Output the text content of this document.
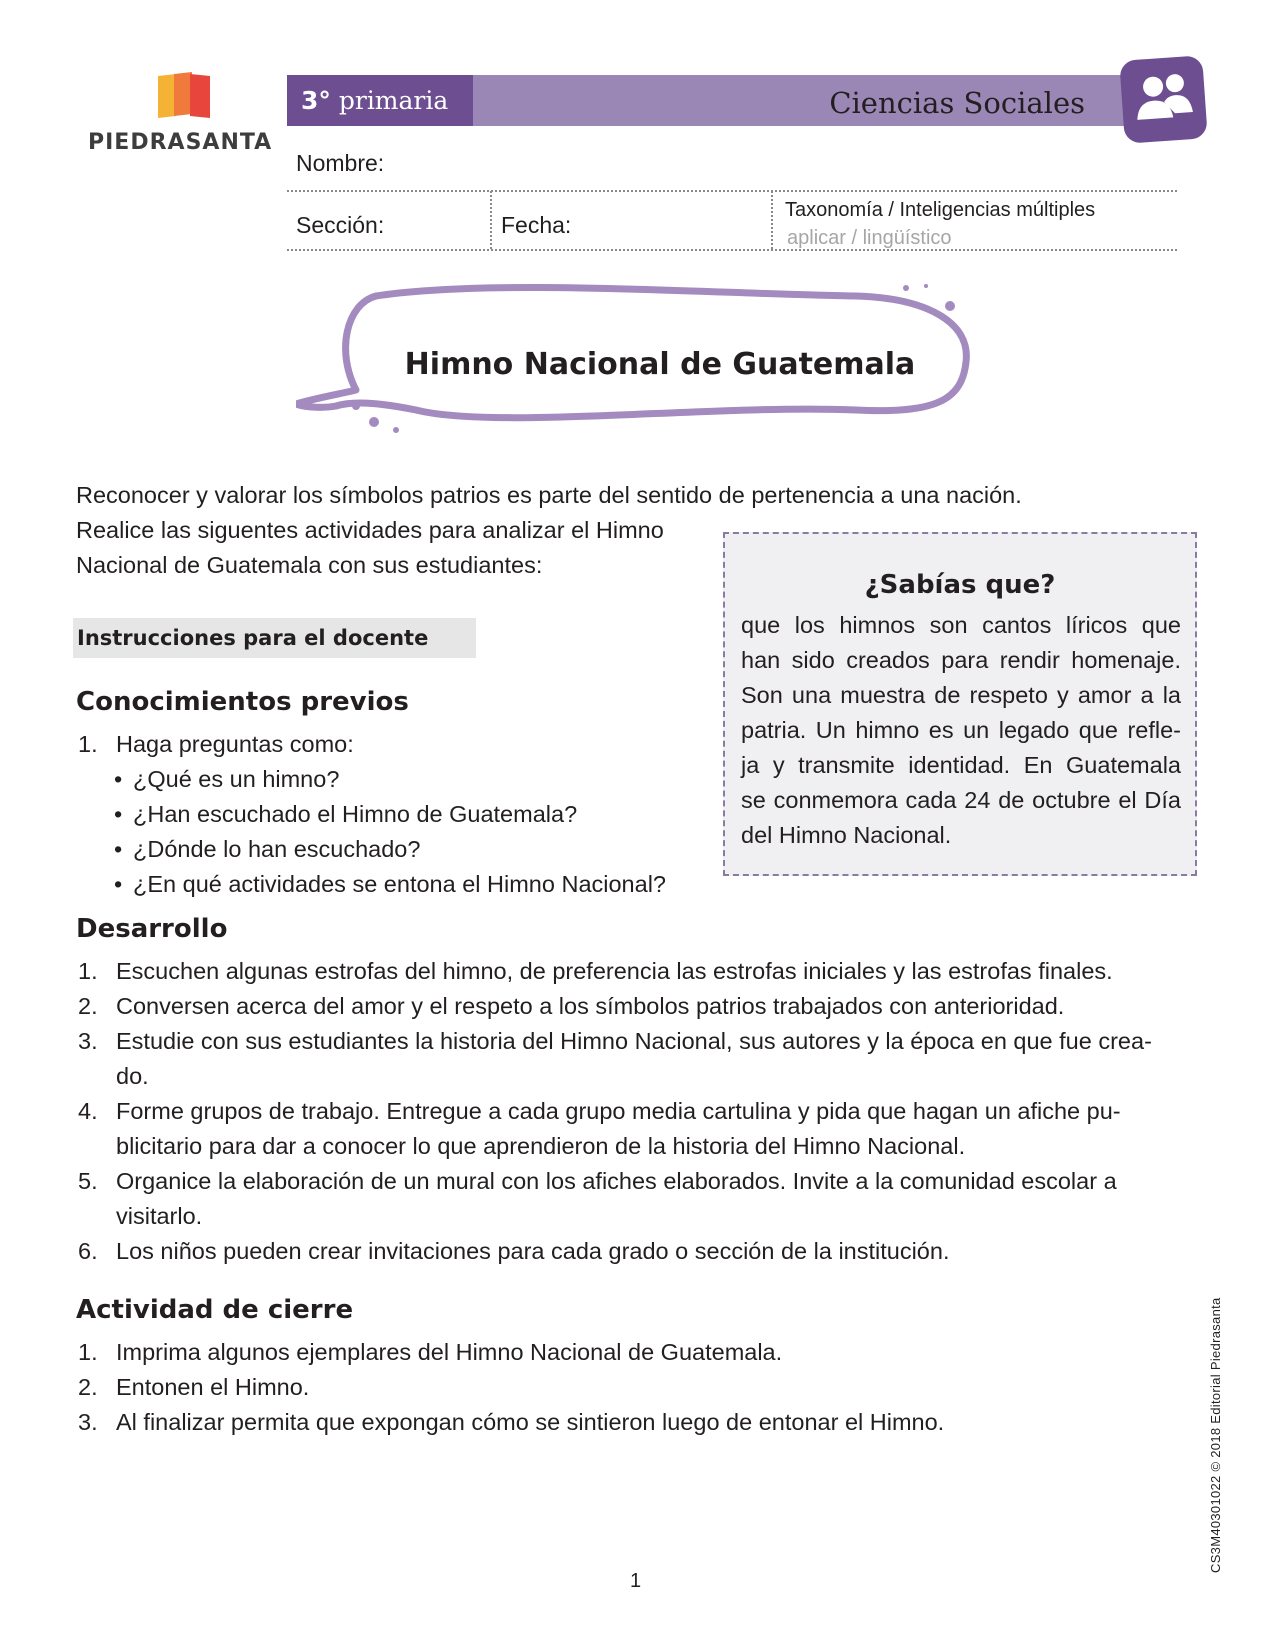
PIEDRASANTA
3° primaria	Ciencias Sociales
Nombre:
Sección:	Fecha:
Taxonomía / Inteligencias múltiples
aplicar / lingüístico
Himno Nacional de Guatemala
Reconocer y valorar los símbolos patrios es parte del sentido de pertenencia a una nación.
Realice las siguentes actividades para analizar el Himno
Nacional de Guatemala con sus estudiantes:
Instrucciones para el docente
¿Sabías que?
que los himnos son cantos líricos que
han sido creados para rendir homenaje.
Son una muestra de respeto y amor a la
patria. Un himno es un legado que refle-
ja y transmite identidad. En Guatemala
se conmemora cada 24 de octubre el Día
del Himno Nacional.
Conocimientos previos
1. Haga preguntas como:
• ¿Qué es un himno?
• ¿Han escuchado el Himno de Guatemala?
• ¿Dónde lo han escuchado?
• ¿En qué actividades se entona el Himno Nacional?
Desarrollo
1. Escuchen algunas estrofas del himno, de preferencia las estrofas iniciales y las estrofas finales.
2. Conversen acerca del amor y el respeto a los símbolos patrios trabajados con anterioridad.
3. Estudie con sus estudiantes la historia del Himno Nacional, sus autores y la época en que fue crea-
do.
4. Forme grupos de trabajo. Entregue a cada grupo media cartulina y pida que hagan un afiche pu-
blicitario para dar a conocer lo que aprendieron de la historia del Himno Nacional.
5. Organice la elaboración de un mural con los afiches elaborados. Invite a la comunidad escolar a
visitarlo.
6. Los niños pueden crear invitaciones para cada grado o sección de la institución.
Actividad de cierre
1. Imprima algunos ejemplares del Himno Nacional de Guatemala.
2. Entonen el Himno.
3. Al finalizar permita que expongan cómo se sintieron luego de entonar el Himno.
1
CS3M40301022 © 2018 Editorial Piedrasanta
